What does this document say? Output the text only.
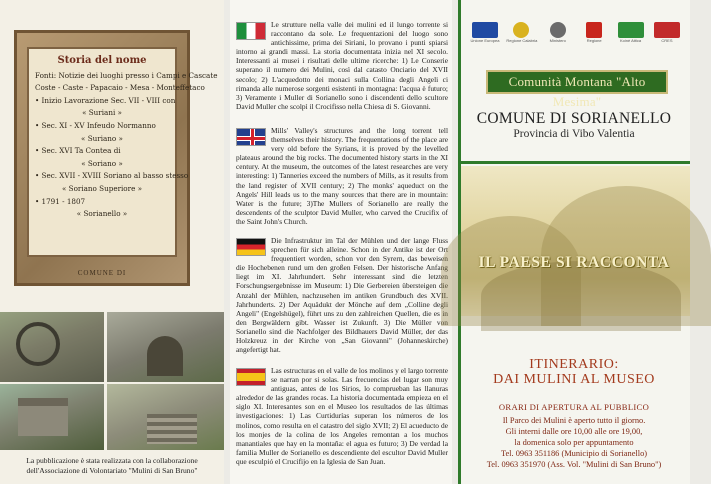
Storia del nome
Fonti: Notizie dei luoghi presso i Campi e Cascate
Coste - Caste - Papacaio - Mesa - Monteffetaco
• Inizio Lavorazione Sec. VII - VIII con
« Suriani »
• Sec. XI - XV Infeudo Normanno
« Suriano »
• Sec. XVI Ta Contea di
« Soriano »
• Sec. XVII - XVIII Soriano al basso stesso
« Soriano Superiore »
• 1791 - 1807
« Sorianello »
COMUNE DI
La pubblicazione è stata realizzata con la collaborazione dell'Associazione di Volontariato "Mulini di San Bruno"

Le strutture nella valle dei mulini ed il lungo torrente si raccontano da sole. Le frequentazioni del luogo sono antichissime, prima dei Siriani, lo provano i punti spiarsi intorno ai grandi massi. La storia documentata inizia nel XI secolo. Interessanti ai musei i risultati delle ultime ricerche: 1) Le Conserie superano il numero dei Mulini, così dal catasto Onciario del XVII secolo; 2) L'acquedotto dei monaci sulla Collina degli Angeli ci rimanda alle numerose sorgenti esistenti in montagna: l'acqua è futuro; 3) Veramente i Muller di Sorianello sono i discendenti dello scultore David Muller che scolpì il Crocifisso nella Chiesa di S. Giovanni.

Mills' Valley's structures and the long torrent tell themselves their history. The frequentations of the place are very old before the Syrians, it is proved by the levelled plateaus around the big rocks. The documented history starts in the XI century. At the museum, the outcomes of the latest researches are very interesting: 1) Tanneries exceed the numbers of Mills, as it results from the land register of XVII century; 2) The monks' aqueduct on the Angels' Hill leads us to the many sources that there are in mountain: Water is the future; 3)The Mullers of Sorianello are really the descendents of the sculptor David Muller, who carved the Crucifix of the Saint John's Church.

Die Infrastruktur im Tal der Mühlen und der lange Fluss sprechen für sich alleine. Schon in der Antike ist der Ort frequentiert worden, schon vor den Syrern, das beweisen die Hochebenen rund um den großen Felsen. Der historische Anfang liegt im XI. Jahrhundert. Sehr interessant sind die letzten Forschungsergebnisse im Museum: 1) Die Gerbereien übersteigen die Anzahl der Mühlen, nachzusehen im antiken Grundbuch des XVII. Jahrhunderts. 2) Der Aquädukt der Mönche auf dem „Colline degli Angeli" (Engelshügel), führt uns zu den zahlreichen Quellen, die es in den Bergwäldern gibt. Wasser ist Zukunft. 3) Die Müller von Sorianello sind die Nachfolger des Bildhauers David Müller, der das Holzkreuz in der Kirche von „San Giovanni" (Johanneskirche) angefertigt hat.

Las estructuras en el valle de los molinos y el largo torrente se narran por si solas. Las frecuencias del lugar son muy antiguas, antes de los Sirios, lo comprueban las llanuras alrededor de las grandes rocas. La historia documentada empieza en el siglo XI. Interesantes son en el Museo los resultados de las últimas investigaciones: 1) Las Curtidurías superan los números de los molinos, como resulta en el catastro del siglo XVII; 2) El acueducto de los monjes de la colina de los Angeles remontan a los muchos manantiales que hay en la montaña: el agua es futuro; 3) De verdad la familia Muller de Sorianello es descendiente del escultor David Muller que esculpió el Crucifijo en la Iglesia de San Juan.

Unione Europea Regione Calabria	Ministero	Regione	Koinè Attica	CRES
Comunità Montana "Alto Mesima"
COMUNE DI SORIANELLO
Provincia di Vibo Valentia
IL PAESE SI RACCONTA
ITINERARIO:
DAI MULINI AL MUSEO
ORARI DI APERTURA AL PUBBLICO
Il Parco dei Mulini è aperto tutto il giorno.
Gli interni dalle ore 10,00 alle ore 19,00,
la domenica solo per appuntamento
Tel. 0963 351186 (Municipio di Sorianello)
Tel. 0963 351970 (Ass. Vol. "Mulini di San Bruno")
